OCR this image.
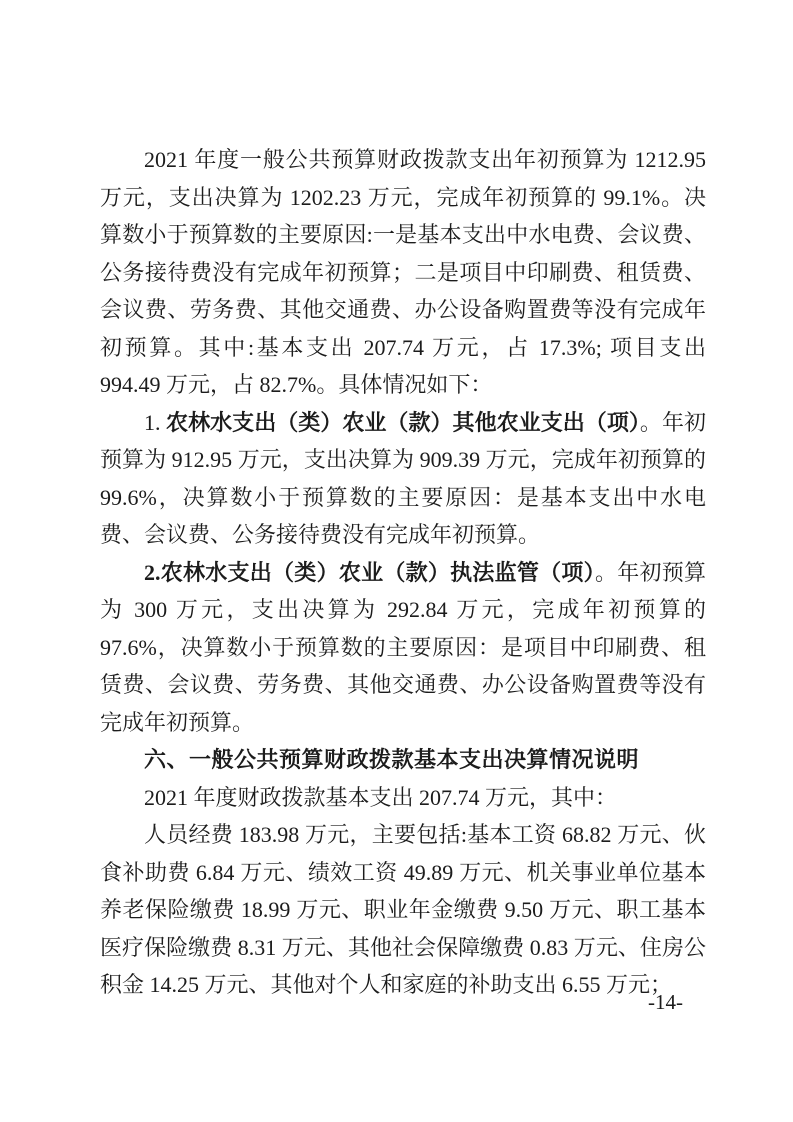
2021 年度一般公共预算财政拨款支出年初预算为 1212.95 万元，支出决算为 1202.23 万元，完成年初预算的 99.1%。决算数小于预算数的主要原因:一是基本支出中水电费、会议费、公务接待费没有完成年初预算；二是项目中印刷费、租赁费、会议费、劳务费、其他交通费、办公设备购置费等没有完成年初预算。其中:基本支出 207.74 万元，占 17.3%; 项目支出 994.49 万元，占 82.7%。具体情况如下：

1. 农林水支出（类）农业（款）其他农业支出（项）。年初预算为 912.95 万元，支出决算为 909.39 万元，完成年初预算的 99.6%，决算数小于预算数的主要原因：是基本支出中水电费、会议费、公务接待费没有完成年初预算。

2.农林水支出（类）农业（款）执法监管（项）。年初预算为 300 万元，支出决算为 292.84 万元，完成年初预算的 97.6%，决算数小于预算数的主要原因：是项目中印刷费、租赁费、会议费、劳务费、其他交通费、办公设备购置费等没有完成年初预算。

六、一般公共预算财政拨款基本支出决算情况说明

2021 年度财政拨款基本支出 207.74 万元，其中：

人员经费 183.98 万元，主要包括:基本工资 68.82 万元、伙食补助费 6.84 万元、绩效工资 49.89 万元、机关事业单位基本养老保险缴费 18.99 万元、职业年金缴费 9.50 万元、职工基本医疗保险缴费 8.31 万元、其他社会保障缴费 0.83 万元、住房公积金 14.25 万元、其他对个人和家庭的补助支出 6.55 万元；

-14-
